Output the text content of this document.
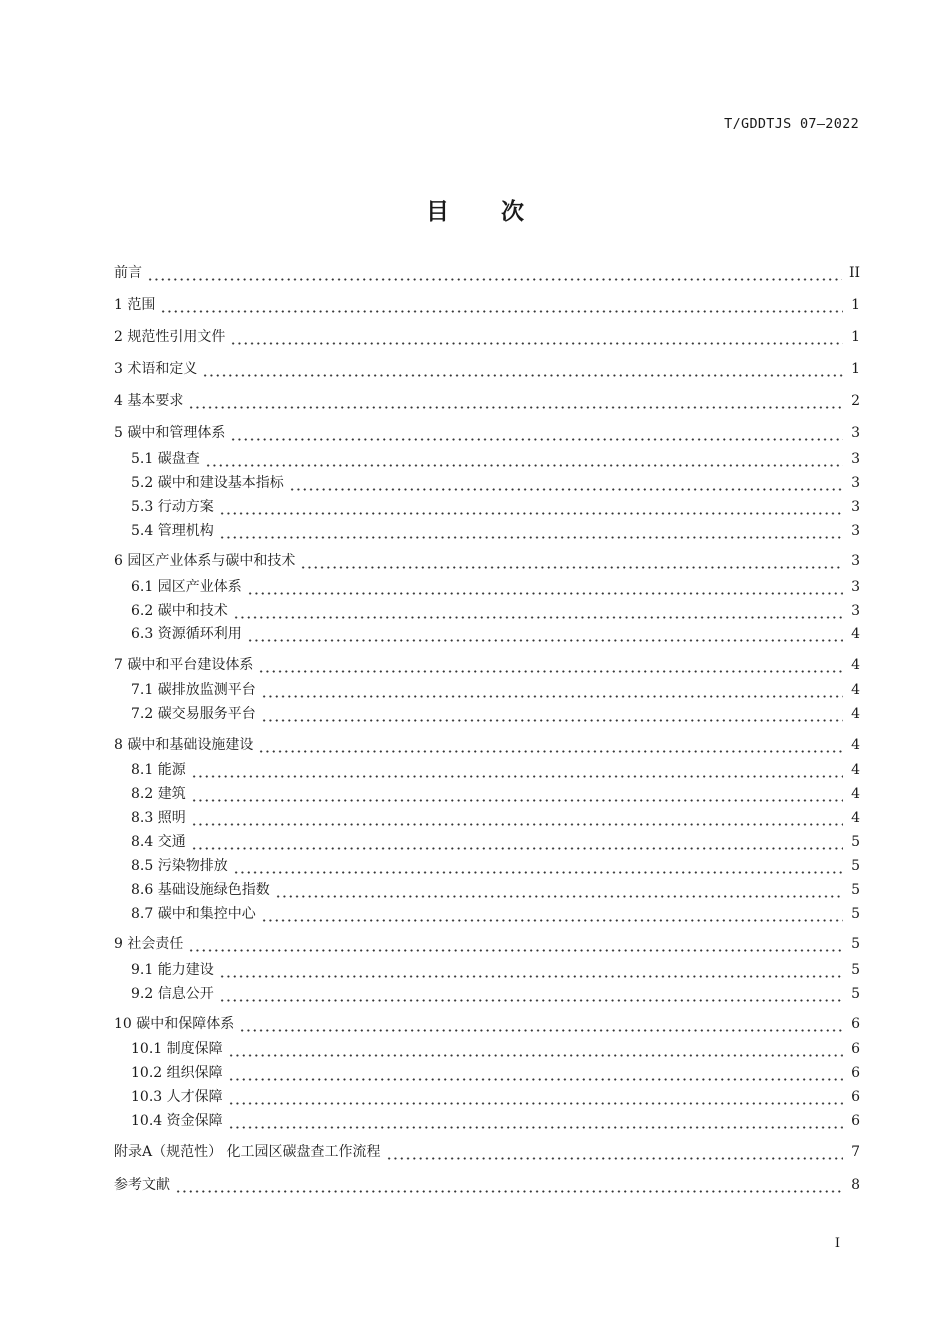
T/GDDTJS 07—2022
目次
前言	II
1 范围	1
2 规范性引用文件	1
3 术语和定义	1
4 基本要求	2
5 碳中和管理体系	3
5.1 碳盘查	3
5.2 碳中和建设基本指标	3
5.3 行动方案	3
5.4 管理机构	3
6 园区产业体系与碳中和技术	3
6.1 园区产业体系	3
6.2 碳中和技术	3
6.3 资源循环利用	4
7 碳中和平台建设体系	4
7.1 碳排放监测平台	4
7.2 碳交易服务平台	4
8 碳中和基础设施建设	4
8.1 能源	4
8.2 建筑	4
8.3 照明	4
8.4 交通	5
8.5 污染物排放	5
8.6 基础设施绿色指数	5
8.7 碳中和集控中心	5
9 社会责任	5
9.1 能力建设	5
9.2 信息公开	5
10 碳中和保障体系	6
10.1 制度保障	6
10.2 组织保障	6
10.3 人才保障	6
10.4 资金保障	6
附录A（规范性） 化工园区碳盘查工作流程	7
参考文献	8
I
